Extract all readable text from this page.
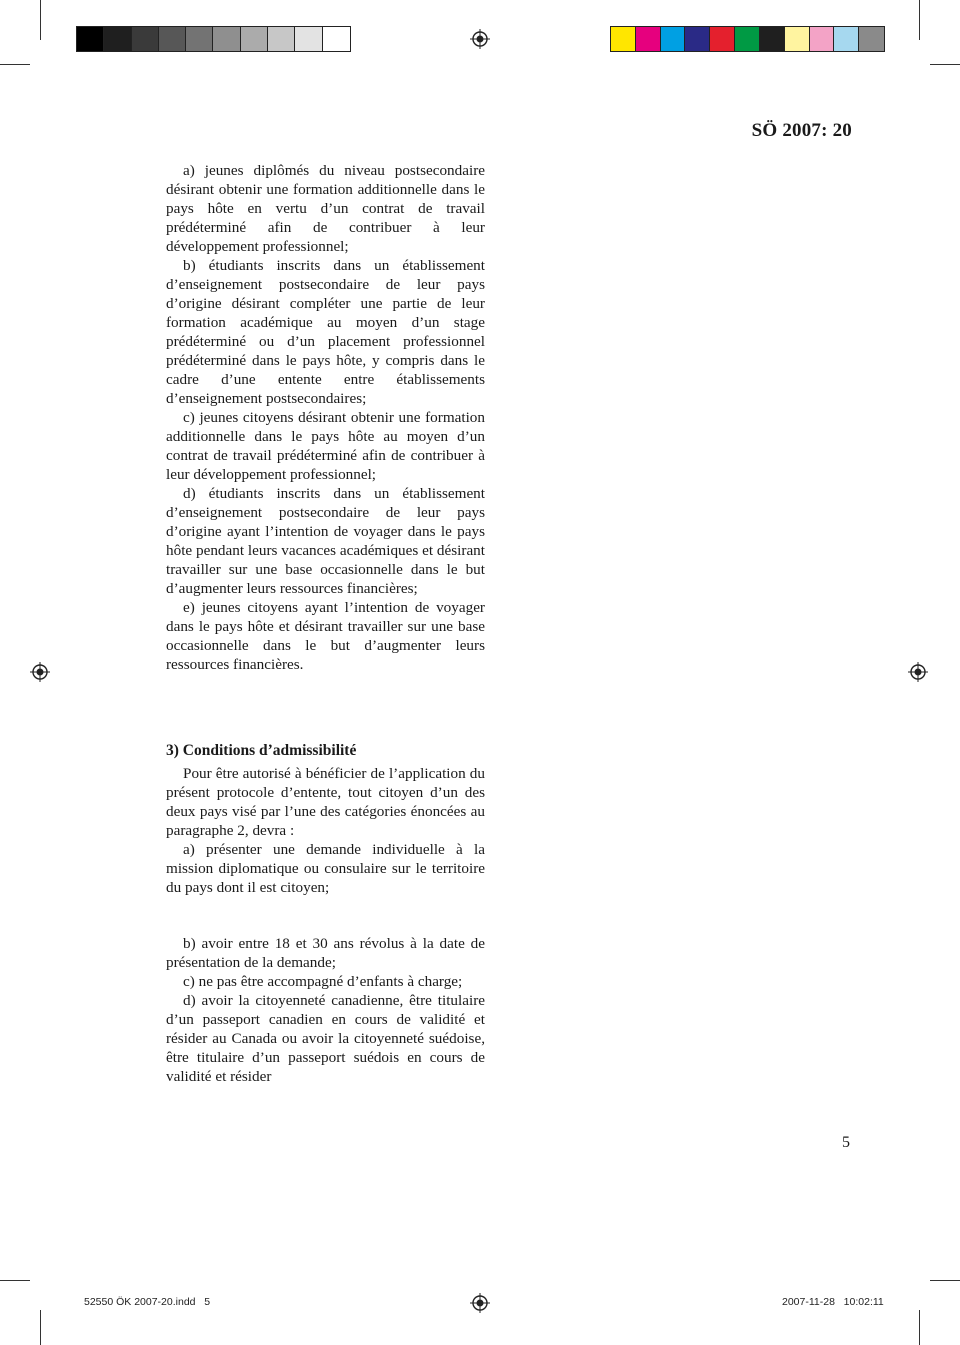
SÖ 2007: 20

a) jeunes diplômés du niveau postsecondaire désirant obtenir une formation additionnelle dans le pays hôte en vertu d’un contrat de travail prédéterminé afin de contribuer à leur développement professionnel;

b) étudiants inscrits dans un établissement d’enseignement postsecondaire de leur pays d’origine désirant compléter une partie de leur formation académique au moyen d’un stage prédéterminé ou d’un placement professionnel prédéterminé dans le pays hôte, y compris dans le cadre d’une entente entre établissements d’enseignement postsecondaires;

c) jeunes citoyens désirant obtenir une formation additionnelle dans le pays hôte au moyen d’un contrat de travail prédéterminé afin de contribuer à leur développement professionnel;

d) étudiants inscrits dans un établissement d’enseignement postsecondaire de leur pays d’origine ayant l’intention de voyager dans le pays hôte pendant leurs vacances académiques et désirant travailler sur une base occasionnelle dans le but d’augmenter leurs ressources financières;

e) jeunes citoyens ayant l’intention de voyager dans le pays hôte et désirant travailler sur une base occasionnelle dans le but d’augmenter leurs ressources financières.

3) Conditions d’admissibilité

Pour être autorisé à bénéficier de l’application du présent protocole d’entente, tout citoyen d’un des deux pays visé par l’une des catégories énoncées au paragraphe 2, devra :

a) présenter une demande individuelle à la mission diplomatique ou consulaire sur le territoire du pays dont il est citoyen;

b) avoir entre 18 et 30 ans révolus à la date de présentation de la demande;

c) ne pas être accompagné d’enfants à charge;

d) avoir la citoyenneté canadienne, être titulaire d’un passeport canadien en cours de validité et résider au Canada ou avoir la citoyenneté suédoise, être titulaire d’un passeport suédois en cours de validité et résider

5
52550 ÖK 2007-20.indd   5	2007-11-28   10:02:11
